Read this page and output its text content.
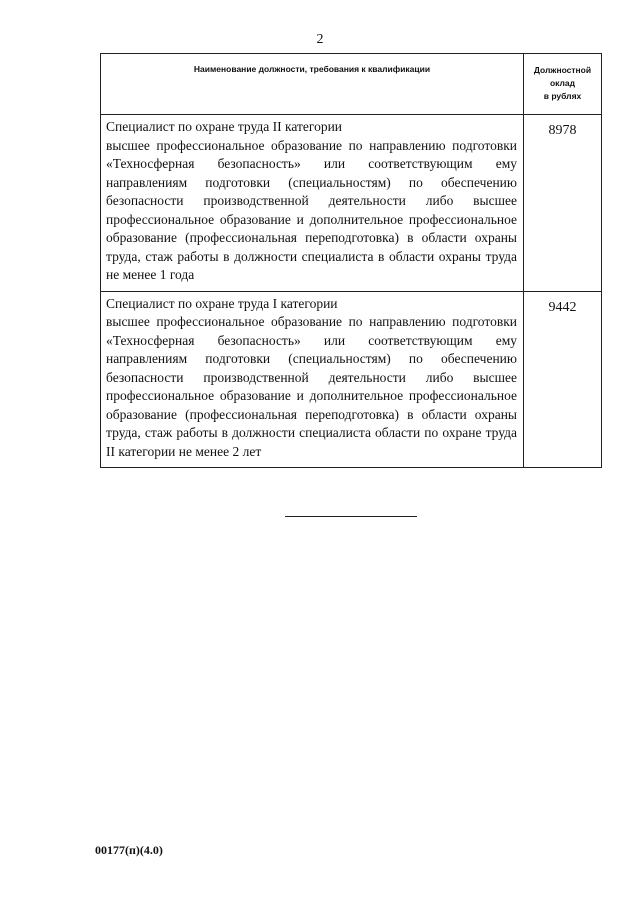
2
Наименование должности, требования к квалификации	Должностной
оклад
в рублях

Специалист по охране труда II категории
высшее профессиональное образование по направлению подготовки «Техносферная безопасность» или соответствующим ему направлениям подготовки (специальностям) по обеспечению безопасности производственной деятельности либо высшее профессиональное образование и дополнительное профессиональное образование (профессиональная переподготовка) в области охраны труда, стаж работы в должности специалиста в области охраны труда не менее 1 года	8978

Специалист по охране труда I категории
высшее профессиональное образование по направлению подготовки «Техносферная безопасность» или соответствующим ему направлениям подготовки (специальностям) по обеспечению безопасности производственной деятельности либо высшее профессиональное образование и дополнительное профессиональное образование (профессиональная переподготовка) в области охраны труда, стаж работы в должности специалиста области по охране труда II категории не менее 2 лет	9442
00177(п)(4.0)
